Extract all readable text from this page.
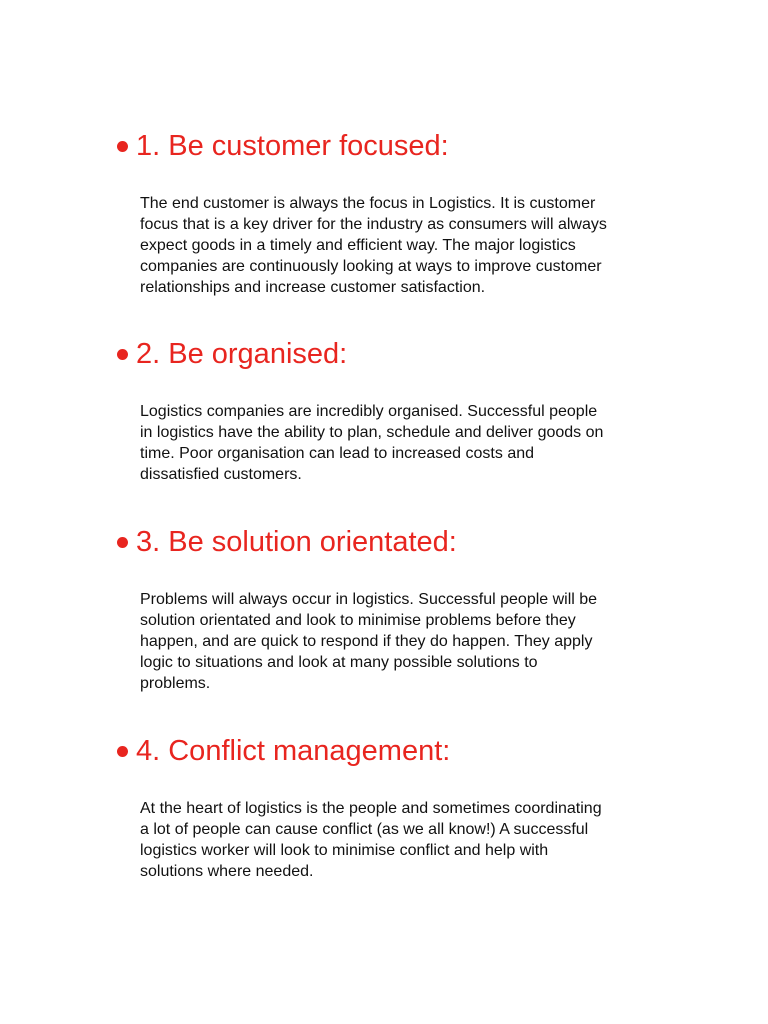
1. Be customer focused:

The end customer is always the focus in Logistics. It is customer
focus that is a key driver for the industry as consumers will always
expect goods in a timely and efficient way. The major logistics
companies are continuously looking at ways to improve customer
relationships and increase customer satisfaction.

2. Be organised:

Logistics companies are incredibly organised. Successful people
in logistics have the ability to plan, schedule and deliver goods on
time. Poor organisation can lead to increased costs and
dissatisfied customers.

3. Be solution orientated:

Problems will always occur in logistics. Successful people will be
solution orientated and look to minimise problems before they
happen, and are quick to respond if they do happen. They apply
logic to situations and look at many possible solutions to
problems.

4. Conflict management:

At the heart of logistics is the people and sometimes coordinating
a lot of people can cause conflict (as we all know!) A successful
logistics worker will look to minimise conflict and help with
solutions where needed.
